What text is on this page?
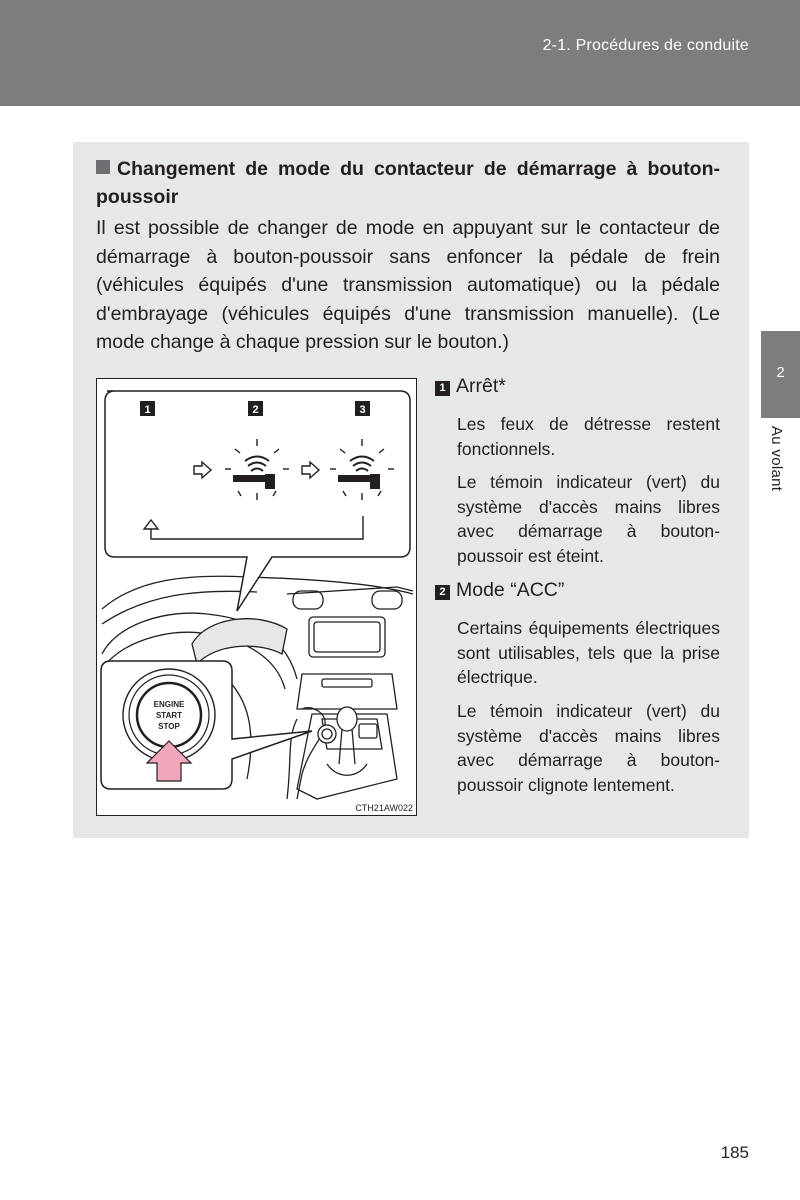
2-1. Procédures de conduite
2
Au volant
Changement de mode du contacteur de démarrage à bouton-poussoir
Il est possible de changer de mode en appuyant sur le contacteur de démarrage à bouton-poussoir sans enfoncer la pédale de frein (véhicules équipés d'une transmission automatique) ou la pédale d'embrayage (véhicules équipés d'une transmission manuelle). (Le mode change à chaque pression sur le bouton.)
1	2	3
ENGINE
START
STOP
CTH21AW022
1 Arrêt*
Les feux de détresse restent fonctionnels.
Le témoin indicateur (vert) du système d'accès mains libres avec démarrage à bouton-poussoir est éteint.
2 Mode “ACC”
Certains équipements électriques sont utilisables, tels que la prise électrique.
Le témoin indicateur (vert) du système d'accès mains libres avec démarrage à bouton-poussoir clignote lentement.
185
